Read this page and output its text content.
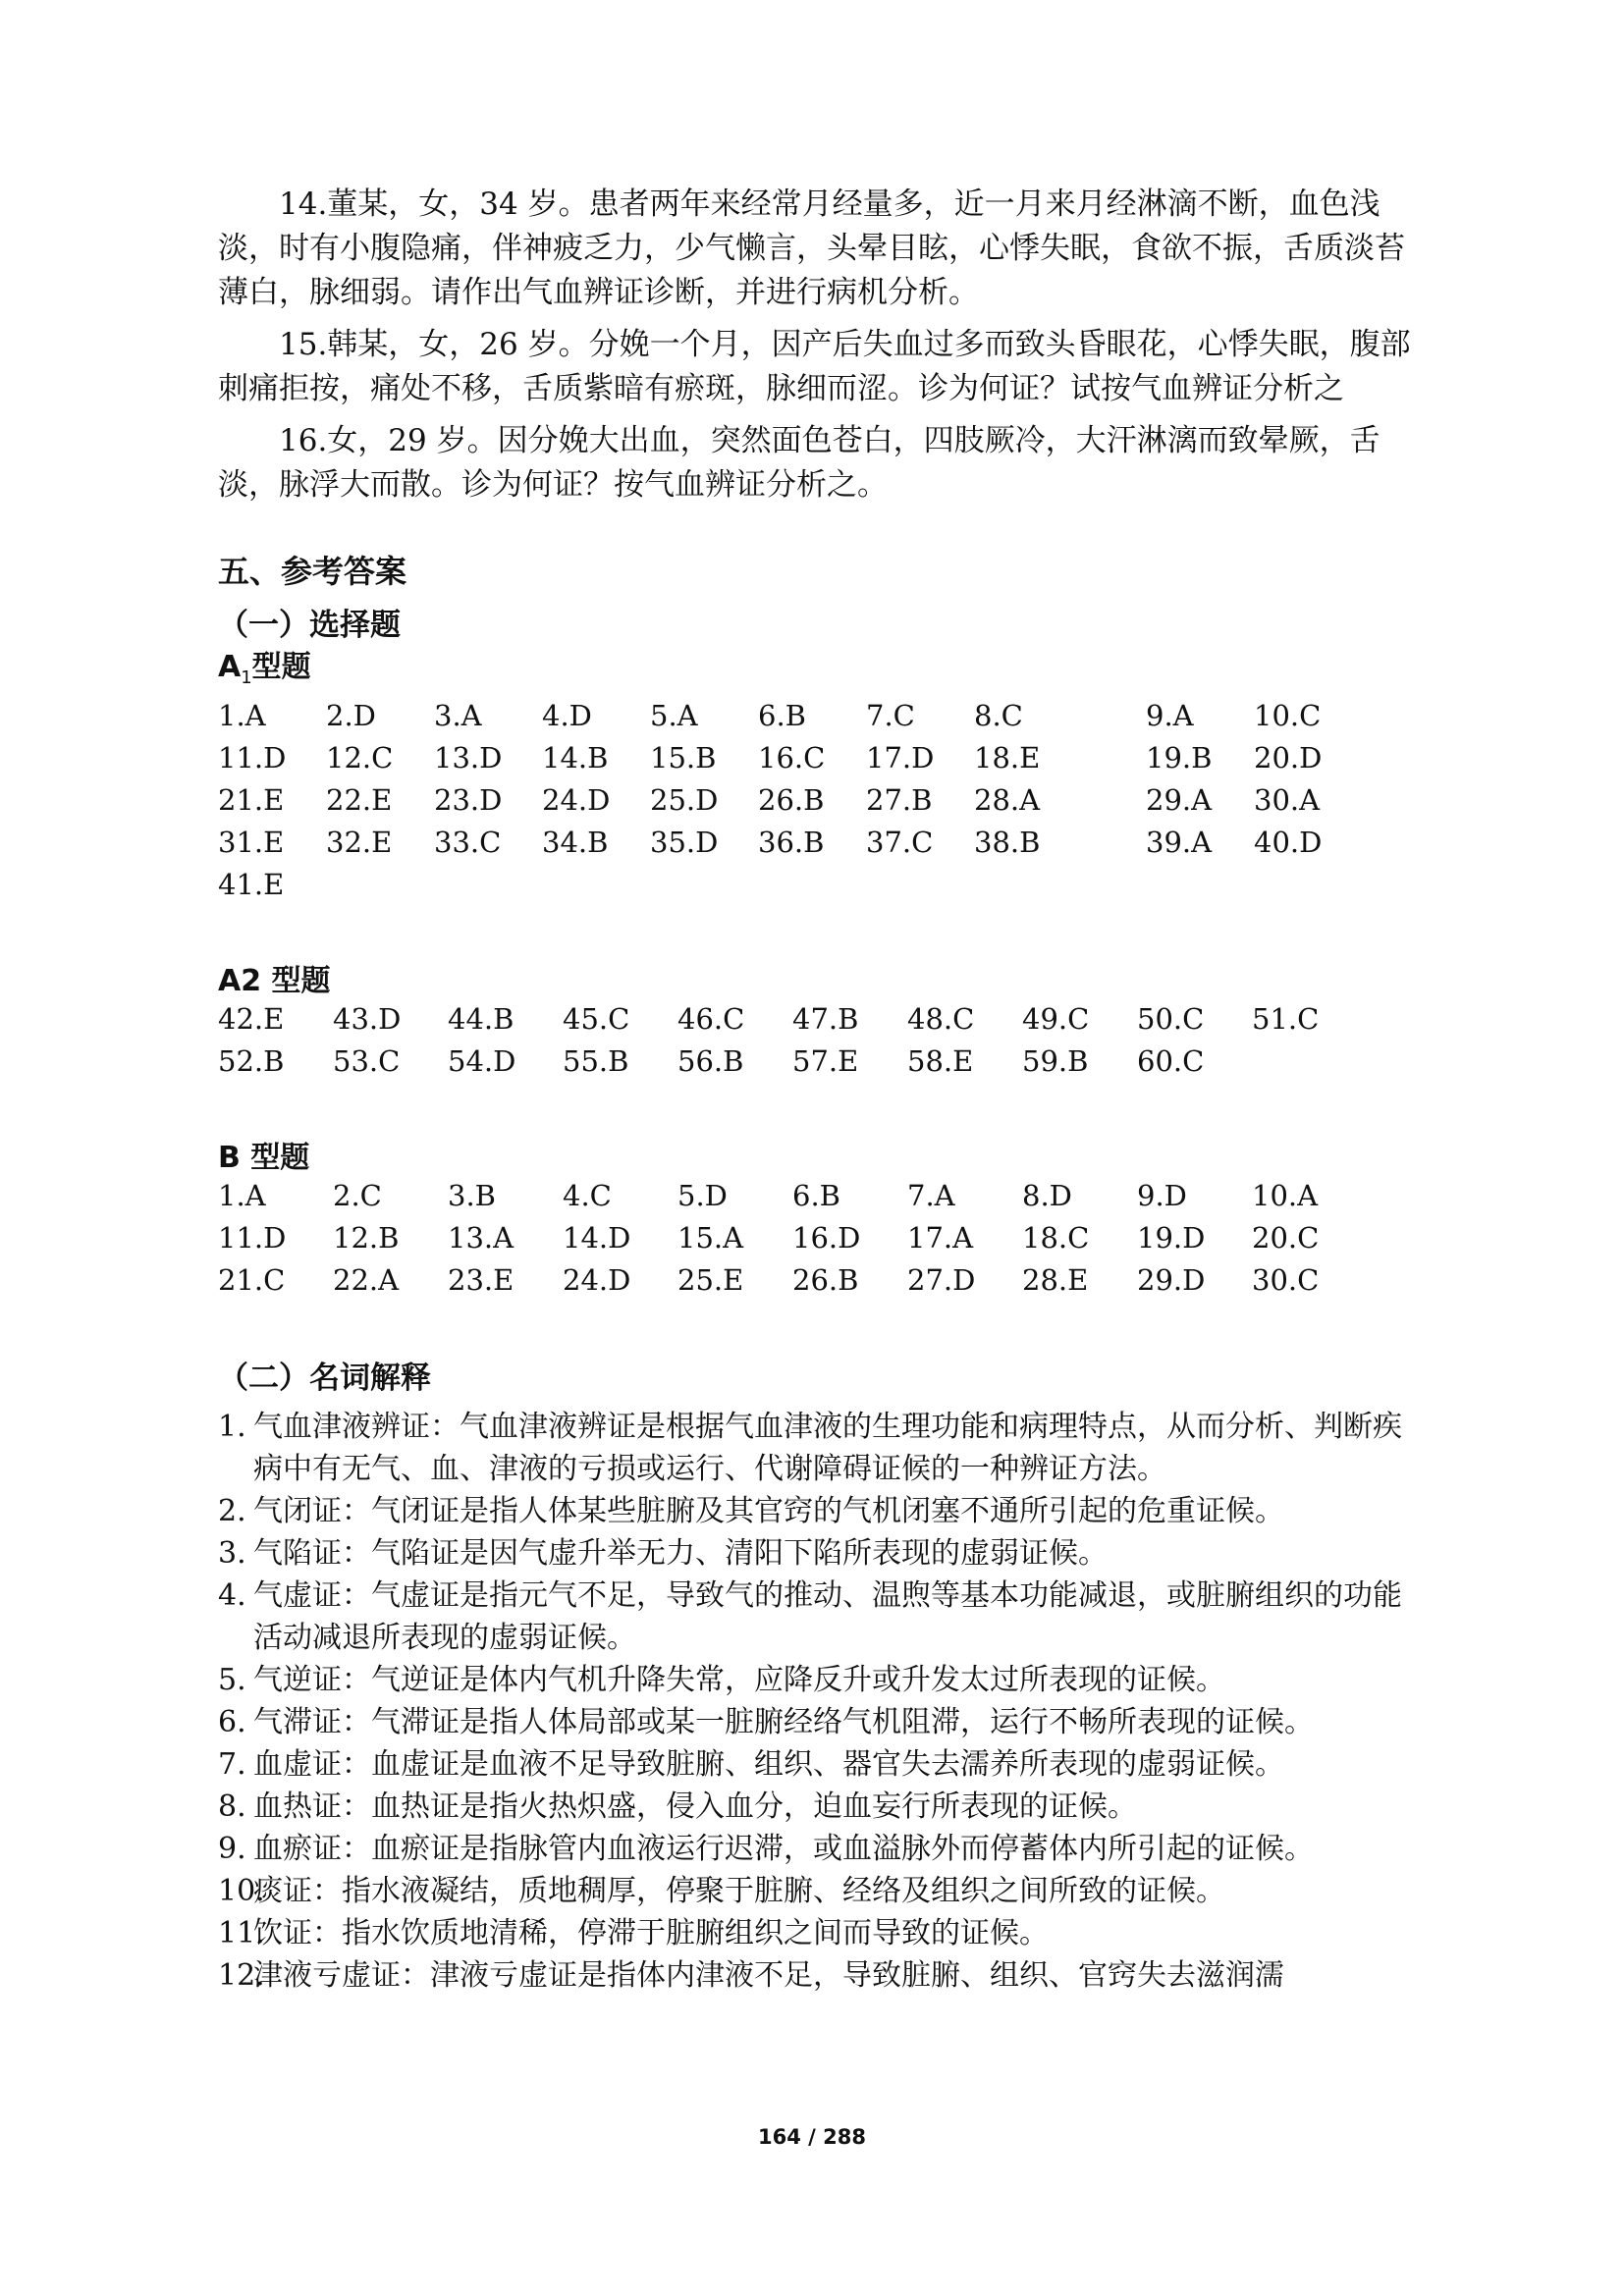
14.董某，女，34 岁。患者两年来经常月经量多，近一月来月经淋滴不断，血色浅淡，时有小腹隐痛，伴神疲乏力，少气懒言，头晕目眩，心悸失眠，食欲不振，舌质淡苔薄白，脉细弱。请作出气血辨证诊断，并进行病机分析。

15.韩某，女，26 岁。分娩一个月，因产后失血过多而致头昏眼花，心悸失眠，腹部刺痛拒按，痛处不移，舌质紫暗有瘀斑，脉细而涩。诊为何证？试按气血辨证分析之

16.女，29 岁。因分娩大出血，突然面色苍白，四肢厥冷，大汗淋漓而致晕厥，舌淡，脉浮大而散。诊为何证？按气血辨证分析之。

五、参考答案
（一）选择题
$A_1$型题
1.A 2.D 3.A 4.D 5.A 6.B 7.C 8.C	9.A 10.C
11.D 12.C 13.D 14.B 15.B 16.C 17.D 18.E	19.B 20.D
21.E 22.E 23.D 24.D 25.D 26.B 27.B 28.A	29.A 30.A
31.E 32.E 33.C 34.B 35.D 36.B 37.C 38.B	39.A 40.D
41.E
A2 型题
42.E 43.D 44.B 45.C 46.C 47.B 48.C 49.C 50.C 51.C
52.B 53.C 54.D 55.B 56.B 57.E 58.E 59.B 60.C
B 型题
1.A 2.C 3.B 4.C 5.D 6.B 7.A 8.D 9.D 10.A
11.D 12.B 13.A 14.D 15.A 16.D 17.A 18.C 19.D 20.C
21.C 22.A 23.E 24.D 25.E 26.B 27.D 28.E 29.D 30.C
（二）名词解释
1. 气血津液辨证：气血津液辨证是根据气血津液的生理功能和病理特点，从而分析、判断疾病中有无气、血、津液的亏损或运行、代谢障碍证候的一种辨证方法。
2. 气闭证：气闭证是指人体某些脏腑及其官窍的气机闭塞不通所引起的危重证候。
3. 气陷证：气陷证是因气虚升举无力、清阳下陷所表现的虚弱证候。
4. 气虚证：气虚证是指元气不足，导致气的推动、温煦等基本功能减退，或脏腑组织的功能活动减退所表现的虚弱证候。
5. 气逆证：气逆证是体内气机升降失常，应降反升或升发太过所表现的证候。
6. 气滞证：气滞证是指人体局部或某一脏腑经络气机阻滞，运行不畅所表现的证候。
7. 血虚证：血虚证是血液不足导致脏腑、组织、器官失去濡养所表现的虚弱证候。
8. 血热证：血热证是指火热炽盛，侵入血分，迫血妄行所表现的证候。
9. 血瘀证：血瘀证是指脉管内血液运行迟滞，或血溢脉外而停蓄体内所引起的证候。
10.
痰证：指水液凝结，质地稠厚，停聚于脏腑、经络及组织之间所致的证候。
11.
饮证：指水饮质地清稀，停滞于脏腑组织之间而导致的证候。
12.
津液亏虚证：津液亏虚证是指体内津液不足，导致脏腑、组织、官窍失去滋润濡
164 / 288
